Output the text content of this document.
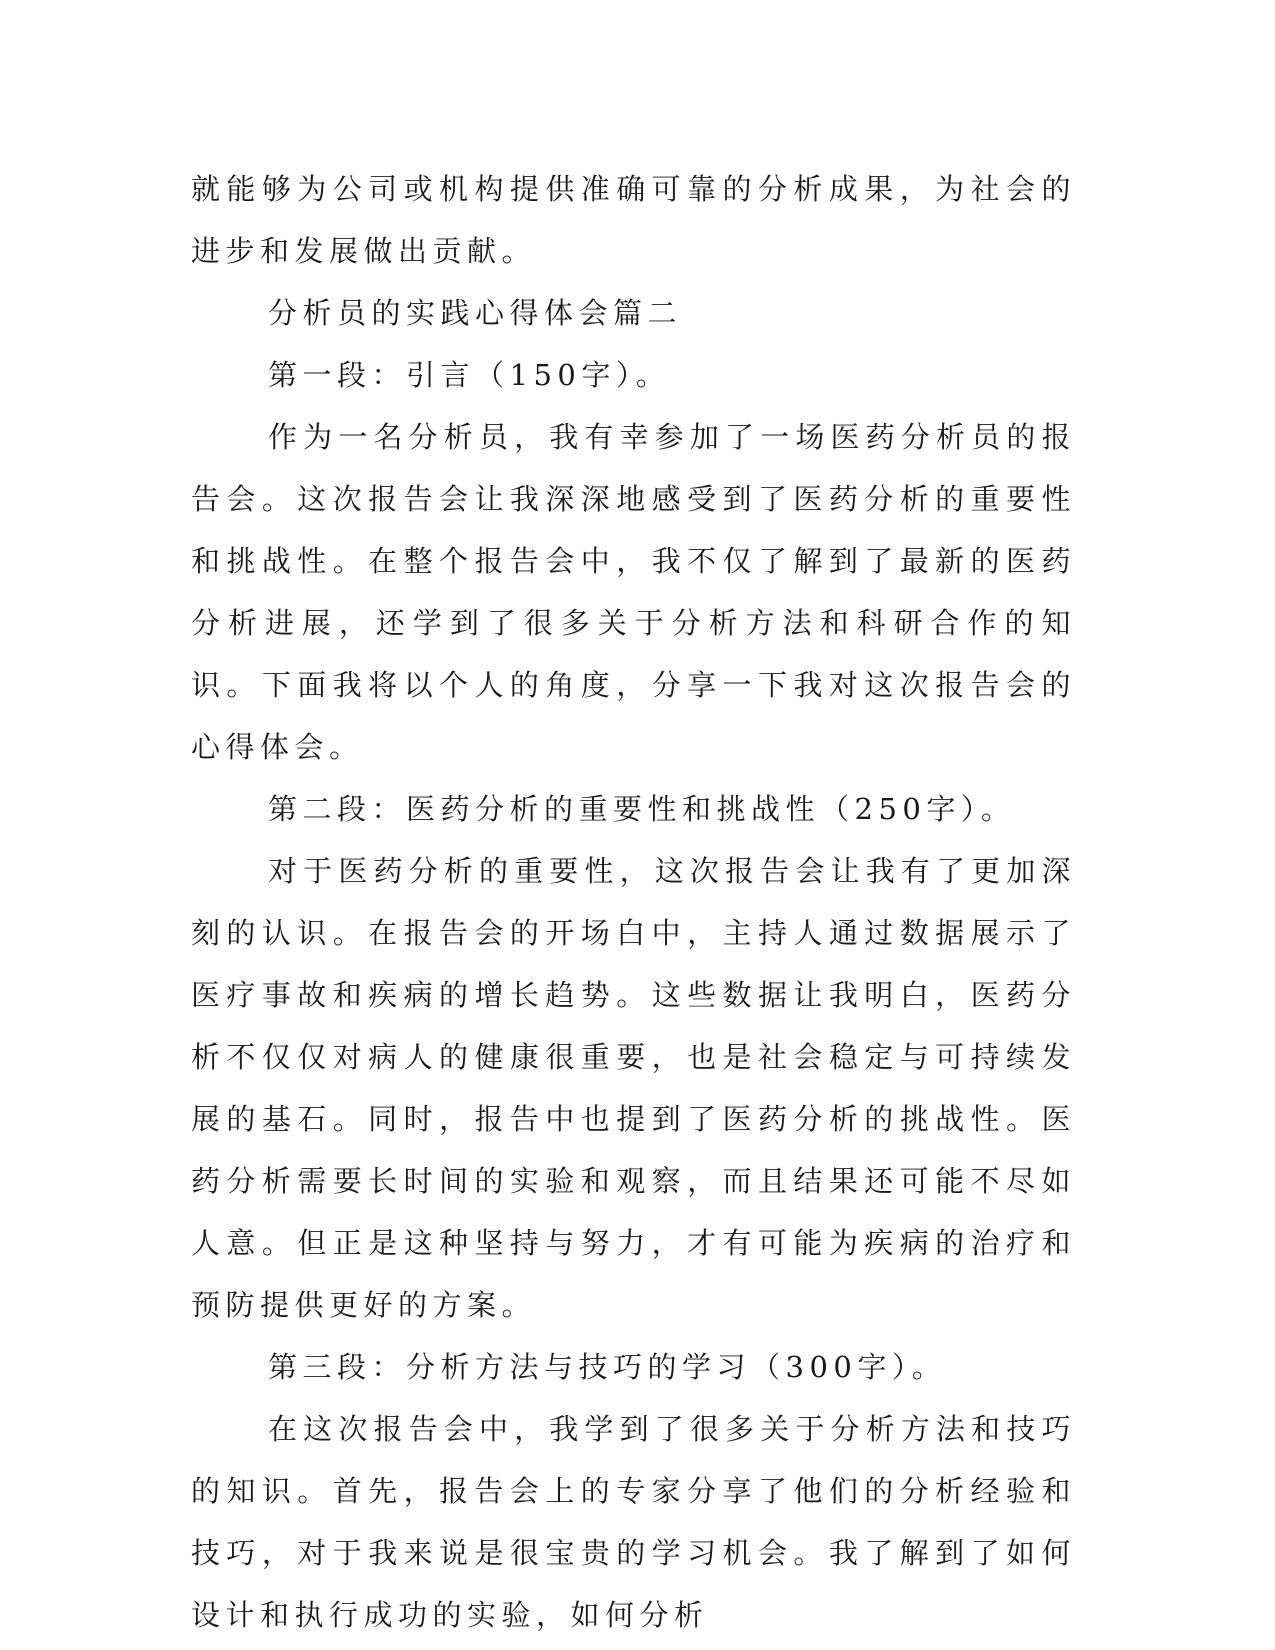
就能够为公司或机构提供准确可靠的分析成果，为社会的进步和发展做出贡献。

分析员的实践心得体会篇二

第一段：引言（150字）。

作为一名分析员，我有幸参加了一场医药分析员的报告会。这次报告会让我深深地感受到了医药分析的重要性和挑战性。在整个报告会中，我不仅了解到了最新的医药分析进展，还学到了很多关于分析方法和科研合作的知识。下面我将以个人的角度，分享一下我对这次报告会的心得体会。

第二段：医药分析的重要性和挑战性（250字）。

对于医药分析的重要性，这次报告会让我有了更加深刻的认识。在报告会的开场白中，主持人通过数据展示了医疗事故和疾病的增长趋势。这些数据让我明白，医药分析不仅仅对病人的健康很重要，也是社会稳定与可持续发展的基石。同时，报告中也提到了医药分析的挑战性。医药分析需要长时间的实验和观察，而且结果还可能不尽如人意。但正是这种坚持与努力，才有可能为疾病的治疗和预防提供更好的方案。

第三段：分析方法与技巧的学习（300字）。

在这次报告会中，我学到了很多关于分析方法和技巧的知识。首先，报告会上的专家分享了他们的分析经验和技巧，对于我来说是很宝贵的学习机会。我了解到了如何设计和执行成功的实验，如何分析
